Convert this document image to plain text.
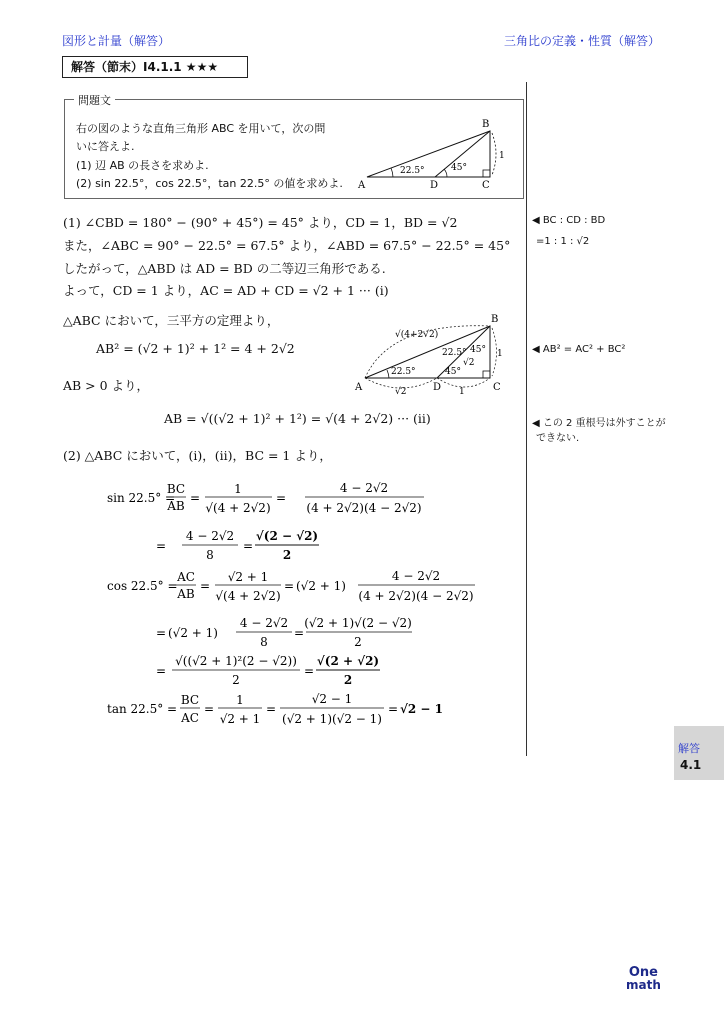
図形と計量（解答）	三角比の定義・性質（解答）
解答（節末）I4.1.1 ★★★
問題文
右の図のような直角三角形 ABC を用いて，次の問
いに答えよ.
(1) 辺 AB の長さを求めよ.
(2) sin 22.5°，cos 22.5°，tan 22.5° の値を求めよ. A
B
C
D
22.5°	45°
1
(1) ∠CBD = 180° − (90° + 45°) = 45° より，CD = 1，BD = √2
また，∠ABC = 90° − 22.5° = 67.5° より，∠ABD = 67.5° − 22.5° = 45°
したがって，△ABD は AD = BD の二等辺三角形である.
よって，CD = 1 より，AC = AD + CD = √2 + 1 ··· (i)
△ABC において，三平方の定理より，
AB² = (√2 + 1)² + 1² = 4 + 2√2
AB > 0 より，
AB = √((√2 + 1)² + 1²) = √(4 + 2√2) ··· (ii)
(2) △ABC において，(i)，(ii)，BC = 1 より，
A
B
C
D
√(4+2√2)
√2	1
1
√2
22.5°
22.5° 45°
45°
sin 22.5° =
BC
AB
=
1
√(4 + 2√2)
=
4 − 2√2
(4 + 2√2)(4 − 2√2)
=
4 − 2√2
8
=
√(2 − √2)
2
cos 22.5° =
AC
AB
=
√2 + 1
√(4 + 2√2)
= (√2 + 1)
4 − 2√2
(4 + 2√2)(4 − 2√2)
= (√2 + 1)
4 − 2√2
8
=
(√2 + 1)√(2 − √2)
2
=
√((√2 + 1)²(2 − √2))
2
=
√(2 + √2)
2
tan 22.5° =
BC
AC
=
1
√2 + 1
=
√2 − 1
(√2 + 1)(√2 − 1)
= √2 − 1
◀ BC : CD : BD
=1 : 1 : √2
◀ AB² = AC² + BC²
◀ この 2 重根号は外すことが
できない.
解答
4.1
One
math
